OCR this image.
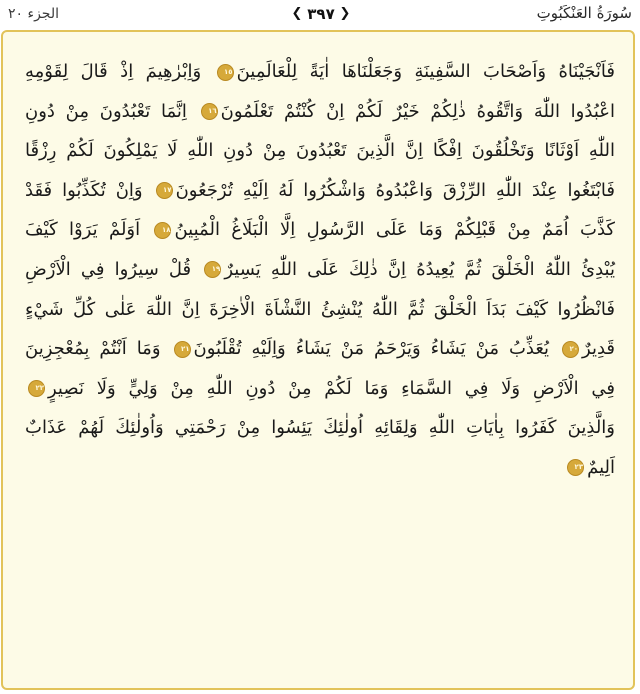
الجزء ٢٠	❮ ٣٩٧ ❯	سُورَةُ العَنْكَبُوتِ
فَاَنْجَيْنَاهُ وَاَصْحَابَ السَّفِينَةِ وَجَعَلْنَاهَا اٰيَةً لِلْعَالَمِينَ١٥ وَاِبْرٰهِيمَ اِذْ قَالَ لِقَوْمِهِ اعْبُدُوا اللّٰهَ وَاتَّقُوهُ ذٰلِكُمْ خَيْرٌ لَكُمْ اِنْ كُنْتُمْ تَعْلَمُونَ١٦ اِنَّمَا تَعْبُدُونَ مِنْ دُونِ اللّٰهِ اَوْثَانًا وَتَخْلُقُونَ اِفْكًا اِنَّ الَّذِينَ تَعْبُدُونَ مِنْ دُونِ اللّٰهِ لَا يَمْلِكُونَ لَكُمْ رِزْقًا فَابْتَغُوا عِنْدَ اللّٰهِ الرِّزْقَ وَاعْبُدُوهُ وَاشْكُرُوا لَهُ اِلَيْهِ تُرْجَعُونَ١٧ وَاِنْ تُكَذِّبُوا فَقَدْ كَذَّبَ اُمَمٌ مِنْ قَبْلِكُمْ وَمَا عَلَى الرَّسُولِ اِلَّا الْبَلَاغُ الْمُبِينُ١٨ اَوَلَمْ يَرَوْا كَيْفَ يُبْدِئُ اللّٰهُ الْخَلْقَ ثُمَّ يُعِيدُهُ اِنَّ ذٰلِكَ عَلَى اللّٰهِ يَسِيرٌ١٩ قُلْ سِيرُوا فِي الْاَرْضِ فَانْظُرُوا كَيْفَ بَدَاَ الْخَلْقَ ثُمَّ اللّٰهُ يُنْشِئُ النَّشْاَةَ الْاٰخِرَةَ اِنَّ اللّٰهَ عَلٰى كُلِّ شَيْءٍ قَدِيرٌ٢٠ يُعَذِّبُ مَنْ يَشَاءُ وَيَرْحَمُ مَنْ يَشَاءُ وَاِلَيْهِ تُقْلَبُونَ٢١ وَمَا اَنْتُمْ بِمُعْجِزِينَ فِي الْاَرْضِ وَلَا فِي السَّمَاءِ وَمَا لَكُمْ مِنْ دُونِ اللّٰهِ مِنْ وَلِيٍّ وَلَا نَصِيرٍ٢٢ وَالَّذِينَ كَفَرُوا بِاٰيَاتِ اللّٰهِ وَلِقَائِهِ اُولٰئِكَ يَئِسُوا مِنْ رَحْمَتِي وَاُولٰئِكَ لَهُمْ عَذَابٌ اَلِيمٌ٢٣
